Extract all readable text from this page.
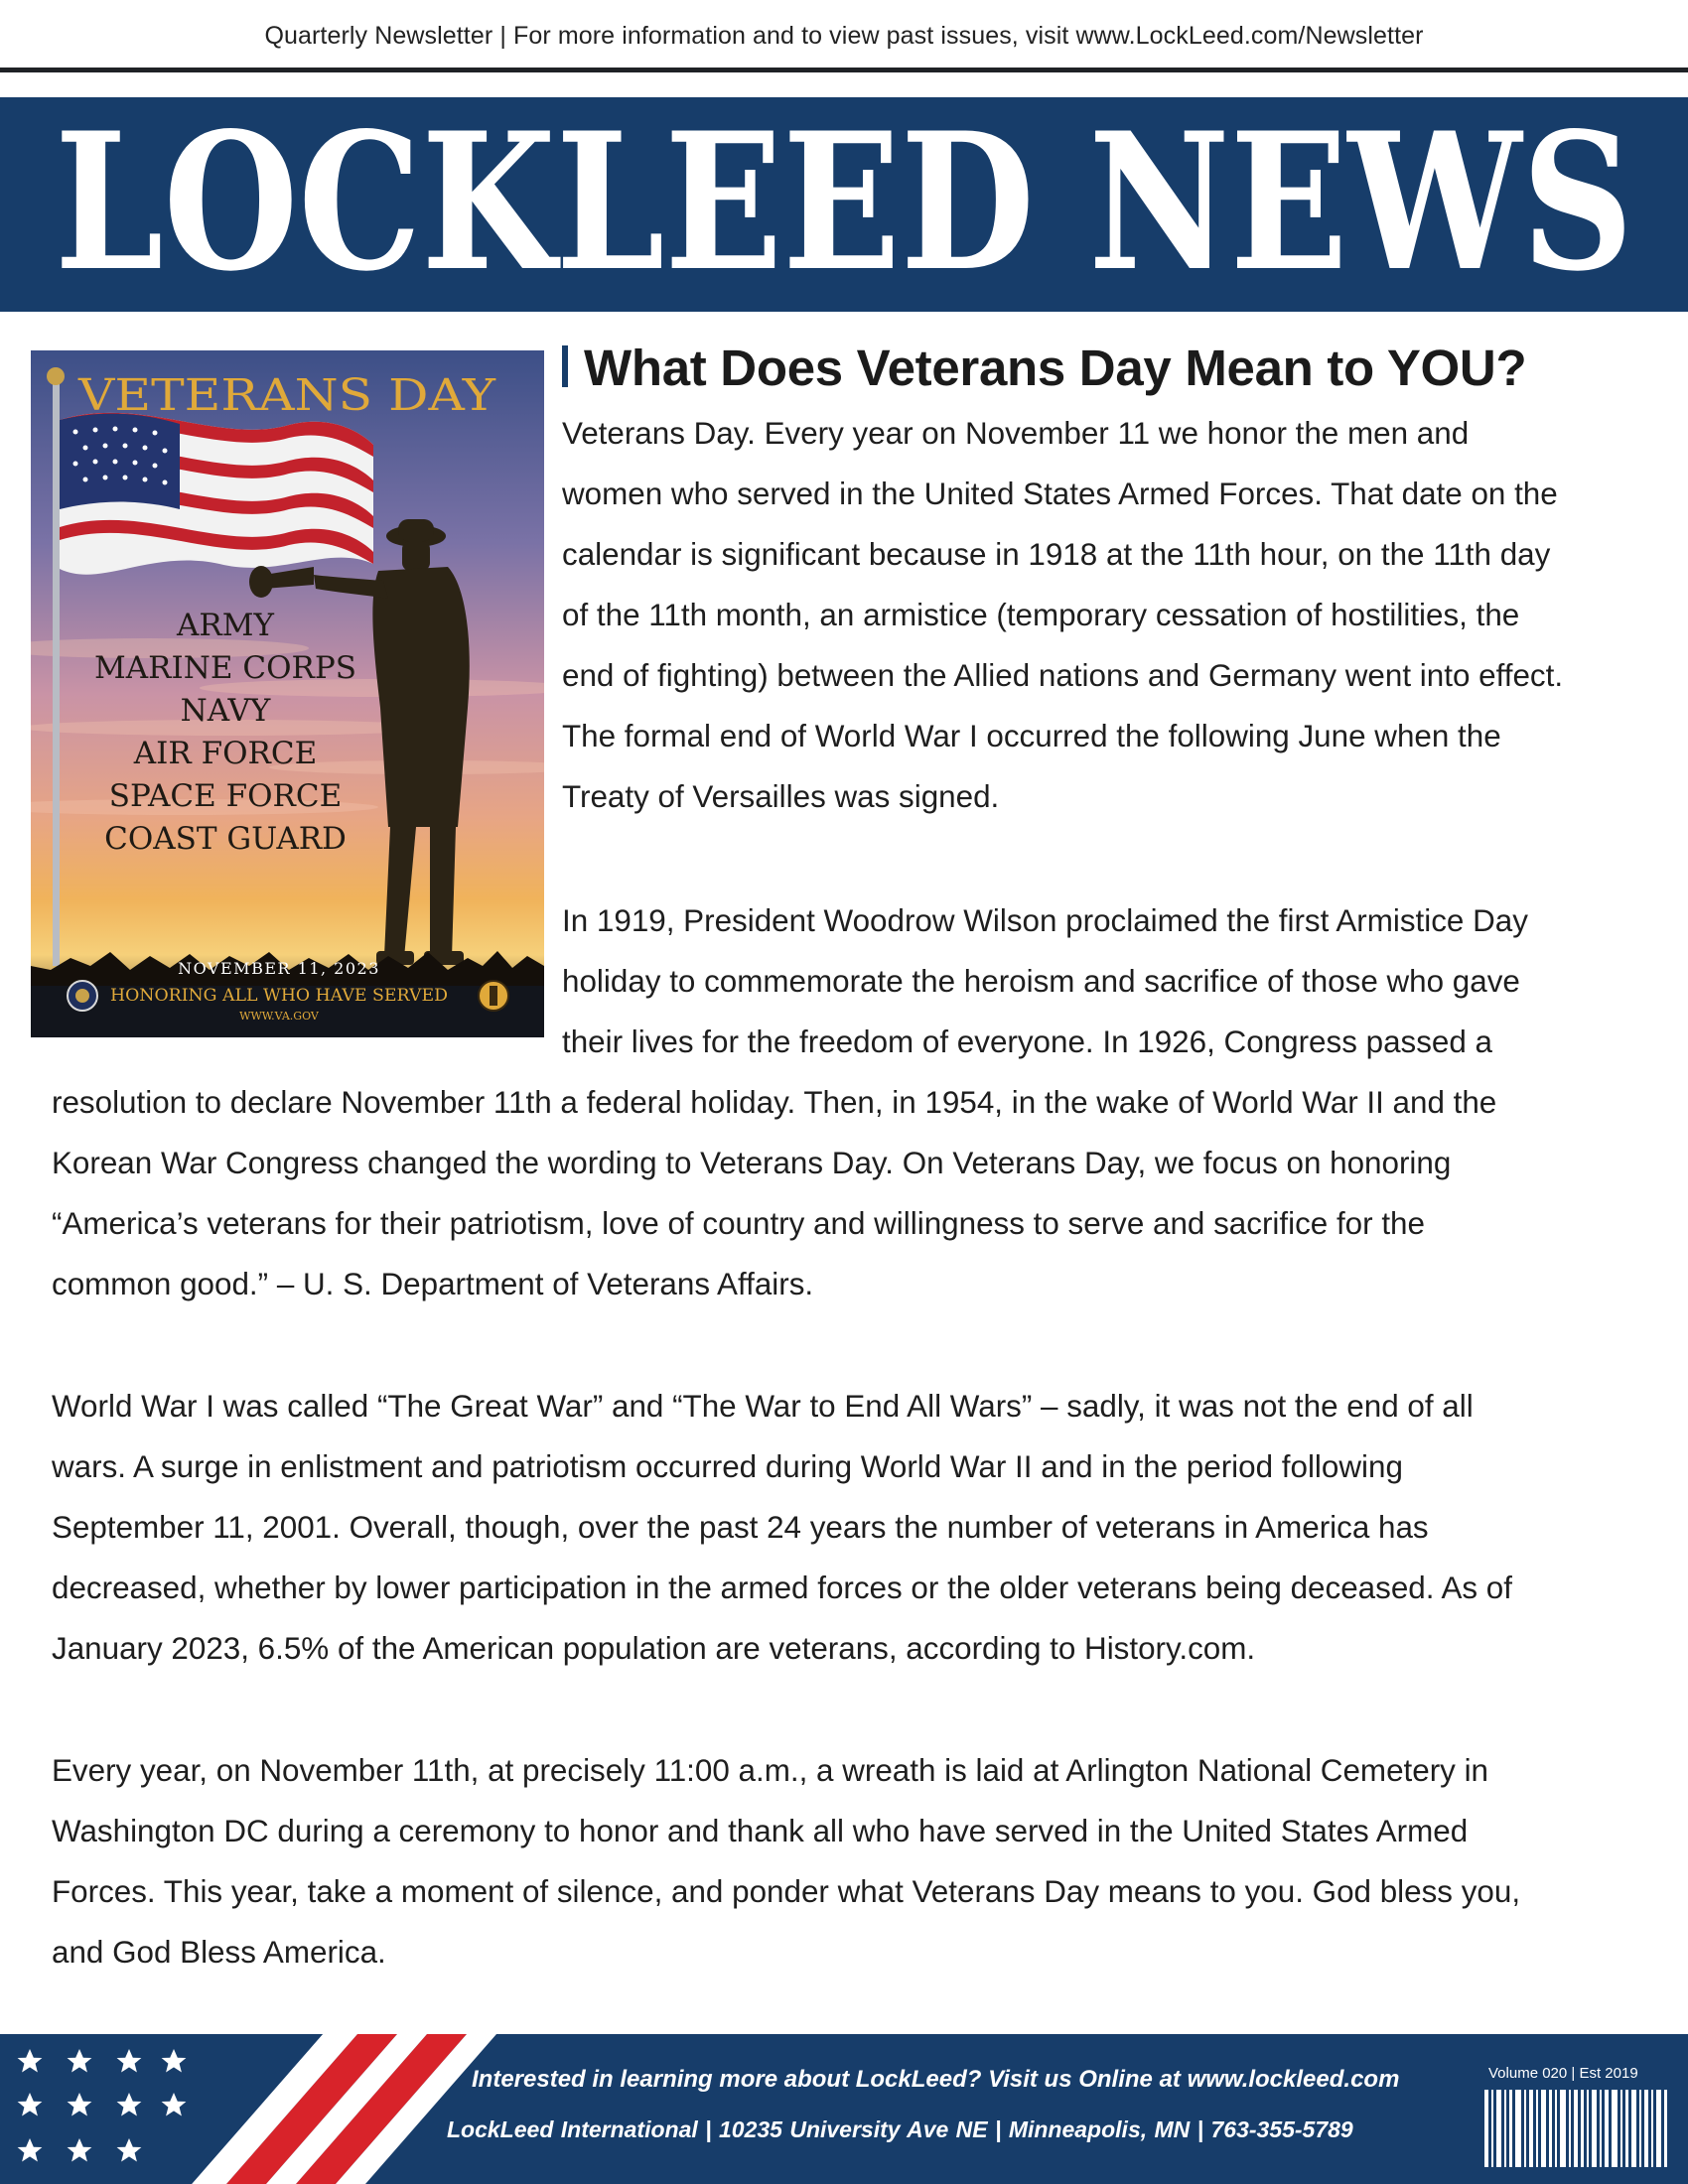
Quarterly Newsletter | For more information and to view past issues, visit www.LockLeed.com/Newsletter
LOCKLEED NEWS
VETERANS DAY
ARMY
MARINE CORPS
NAVY
AIR FORCE
SPACE FORCE
COAST GUARD
NOVEMBER 11, 2023
HONORING ALL WHO HAVE SERVED
WWW.VA.GOV
What Does Veterans Day Mean to YOU?
Veterans Day. Every year on November 11 we honor the men and
women who served in the United States Armed Forces. That date on the
calendar is significant because in 1918 at the 11th hour, on the 11th day
of the 11th month, an armistice (temporary cessation of hostilities, the
end of fighting) between the Allied nations and Germany went into effect.
The formal end of World War I occurred the following June when the
Treaty of Versailles was signed.
In 1919, President Woodrow Wilson proclaimed the first Armistice Day
holiday to commemorate the heroism and sacrifice of those who gave
their lives for the freedom of everyone. In 1926, Congress passed a
resolution to declare November 11th a federal holiday. Then, in 1954, in the wake of World War II and the
Korean War Congress changed the wording to Veterans Day. On Veterans Day, we focus on honoring
“America’s veterans for their patriotism, love of country and willingness to serve and sacrifice for the
common good.” – U. S. Department of Veterans Affairs.
World War I was called “The Great War” and “The War to End All Wars” – sadly, it was not the end of all
wars. A surge in enlistment and patriotism occurred during World War II and in the period following
September 11, 2001. Overall, though, over the past 24 years the number of veterans in America has
decreased, whether by lower participation in the armed forces or the older veterans being deceased. As of
January 2023, 6.5% of the American population are veterans, according to History.com.
Every year, on November 11th, at precisely 11:00 a.m., a wreath is laid at Arlington National Cemetery in
Washington DC during a ceremony to honor and thank all who have served in the United States Armed
Forces. This year, take a moment of silence, and ponder what Veterans Day means to you. God bless you,
and God Bless America.
Interested in learning more about LockLeed? Visit us Online at www.lockleed.com
LockLeed International | 10235 University Ave NE | Minneapolis, MN | 763-355-5789
Volume 020 | Est 2019
